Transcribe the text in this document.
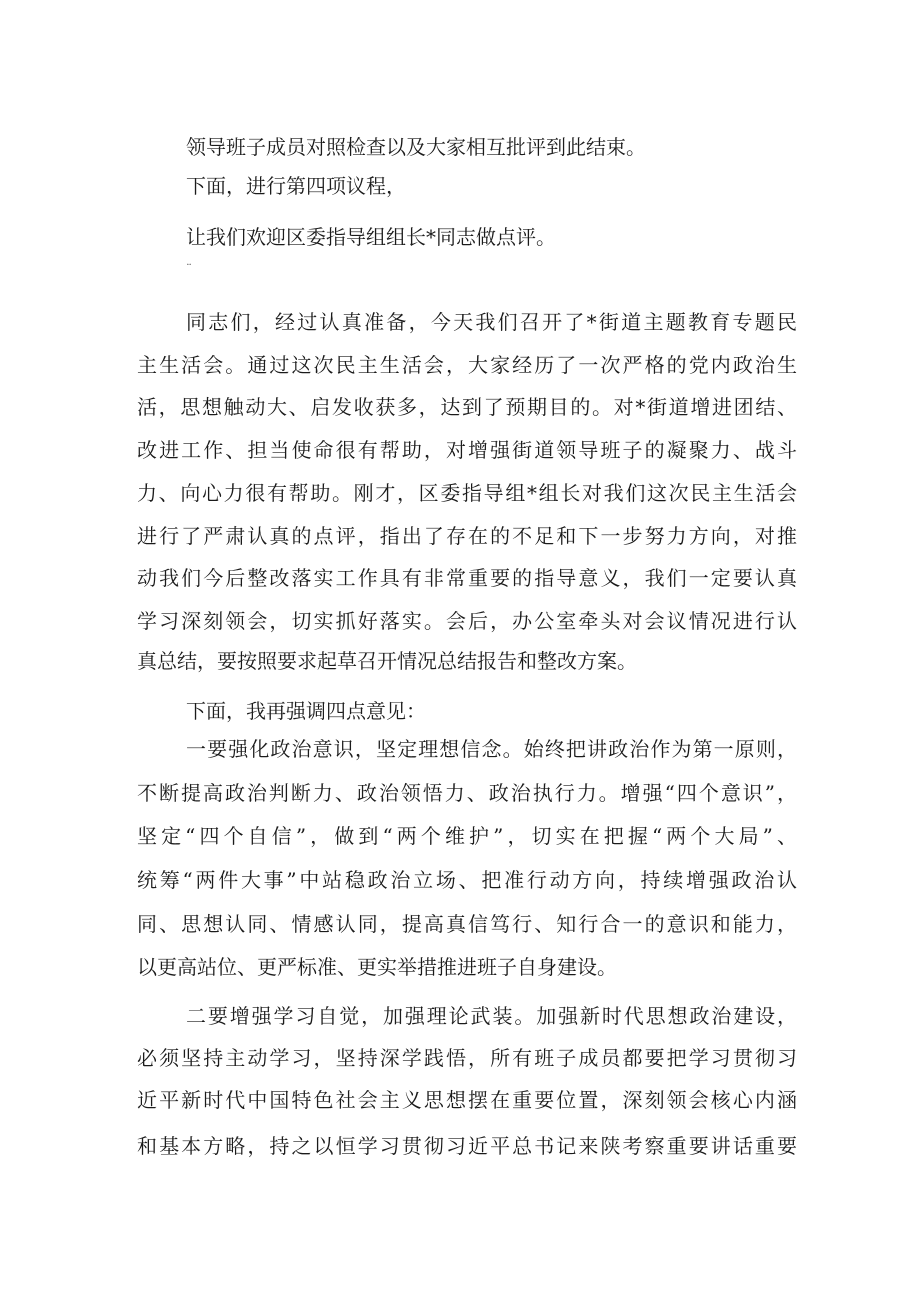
领导班子成员对照检查以及大家相互批评到此结束。
下面，进行第四项议程，
让我们欢迎区委指导组组长*同志做点评。
¨
同志们，经过认真准备，今天我们召开了*街道主题教育专题民
主生活会。通过这次民主生活会，大家经历了一次严格的党内政治生
活，思想触动大、启发收获多，达到了预期目的。对*街道增进团结、
改进工作、担当使命很有帮助，对增强街道领导班子的凝聚力、战斗
力、向心力很有帮助。刚才，区委指导组*组长对我们这次民主生活会
进行了严肃认真的点评，指出了存在的不足和下一步努力方向，对推
动我们今后整改落实工作具有非常重要的指导意义，我们一定要认真
学习深刻领会，切实抓好落实。会后，办公室牵头对会议情况进行认
真总结，要按照要求起草召开情况总结报告和整改方案。
下面，我再强调四点意见：
一要强化政治意识，坚定理想信念。始终把讲政治作为第一原则，
不断提高政治判断力、政治领悟力、政治执行力。增强“四个意识”，
坚定“四个自信”，做到“两个维护”，切实在把握“两个大局”、
统筹“两件大事”中站稳政治立场、把准行动方向，持续增强政治认
同、思想认同、情感认同，提高真信笃行、知行合一的意识和能力，
以更高站位、更严标准、更实举措推进班子自身建设。
二要增强学习自觉，加强理论武装。加强新时代思想政治建设，
必须坚持主动学习，坚持深学践悟，所有班子成员都要把学习贯彻习
近平新时代中国特色社会主义思想摆在重要位置，深刻领会核心内涵
和基本方略，持之以恒学习贯彻习近平总书记来陕考察重要讲话重要
